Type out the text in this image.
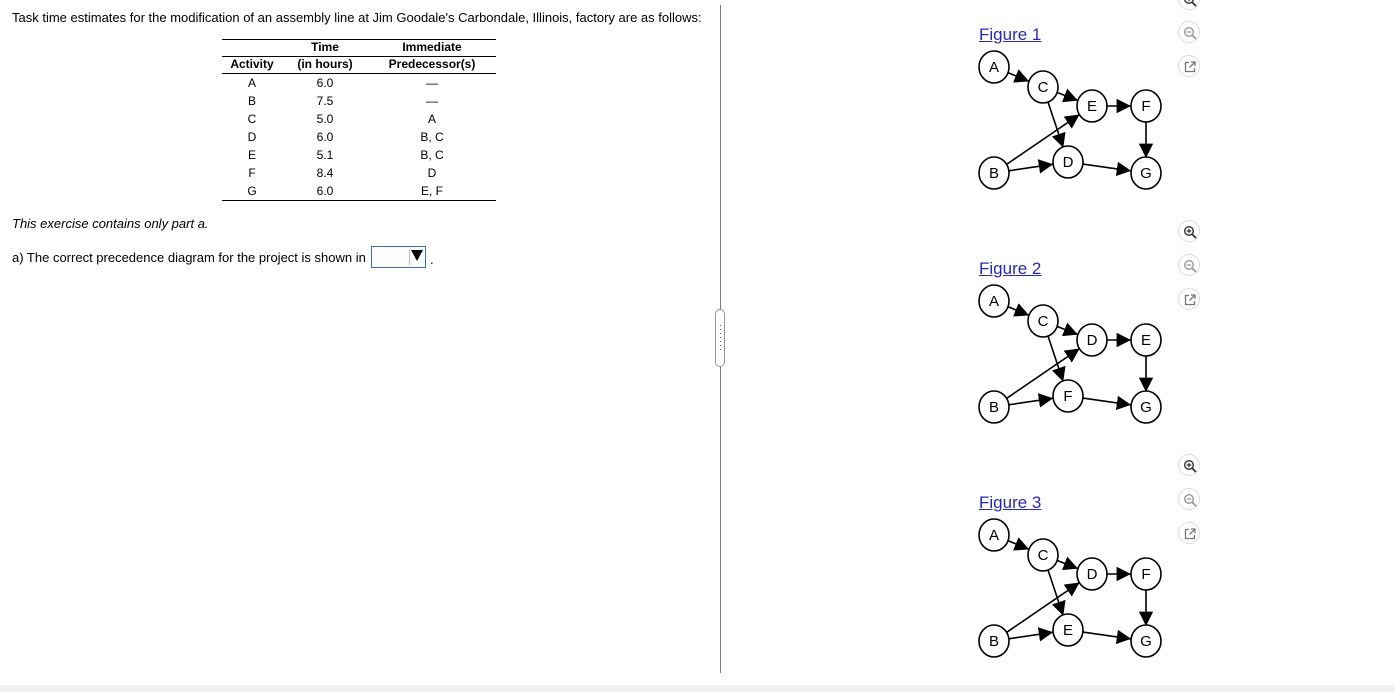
Task time estimates for the modification of an assembly line at Jim Goodale's Carbondale, Illinois, factory are as follows:
	Time	Immediate
Activity	(in hours)	Predecessor(s)
A	6.0	—
B	7.5	—
C	5.0	A
D	6.0	B, C
E	5.1	B, C
F	8.4	D
G	6.0	E, F
This exercise contains only part a.
a) The correct precedence diagram for the project is shown in	.
Figure 1
A
C
E	F
B
D
G
Figure 2
A
C
D	E
B
F
G
Figure 3
A
C
D	F
B
E
G
